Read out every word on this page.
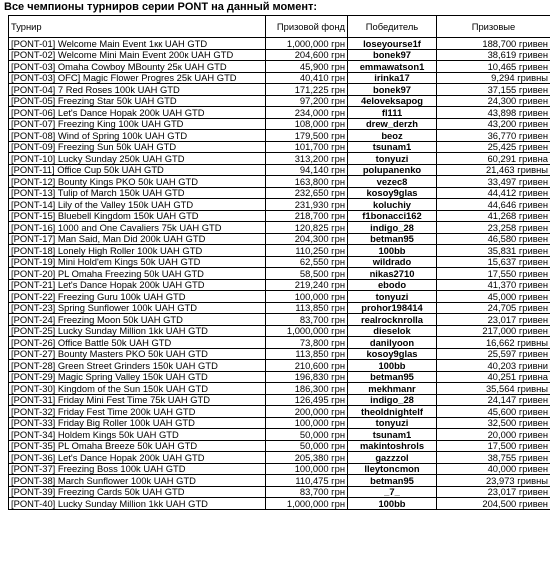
Все чемпионы турниров серии PONT на данный момент:
Турнир	Призовой фонд	Победитель	Призовые
[PONT-01] Welcome Main Event 1кк UAH GTD	1,000,000 грн	loseyourse1f	188,700 гривен
[PONT-02] Welcome Mini Main Event 200к UAH GTD	204,600 грн	bonek97	38,619 гривен
[PONT-03] Omaha Cowboy MBounty 25к UAH GTD	45,900 грн	emmawatson1	10,465 гривен
[PONT-03] OFC] Magic Flower Progres 25k UAH GTD	40,410 грн	irinka17	9,294 гривны
[PONT-04] 7 Red Roses 100k UAH GTD	171,225 грн	bonek97	37,155 гривен
[PONT-05] Freezing Star 50k UAH GTD	97,200 грн	4eloveksapog	24,300 гривен
[PONT-06] Let's Dance Hopak 200k UAH GTD	234,000 грн	fl111	43,898 гривен
[PONT-07] Freezing King 100k UAH GTD	108,000 грн	drew_derzh	43,200 гривен
[PONT-08] Wind of Spring 100k UAH GTD	179,500 грн	beoz	36,770 гривен
[PONT-09] Freezing Sun 50k UAH GTD	101,700 грн	tsunam1	25,425 гривен
[PONT-10] Lucky Sunday 250k UAH GTD	313,200 грн	tonyuzi	60,291 гривна
[PONT-11] Office Cup 50k UAH GTD	94,140 грн	polupanenko	21,463 гривны
[PONT-12] Bounty Kings PKO 50k UAH GTD	163,800 грн	vezec8	33,497 гривен
[PONT-13] Tulip of March 150k UAH GTD	232,650 грн	kosoy9glas	44,412 гривен
[PONT-14] Lily of the Valley 150k UAH GTD	231,930 грн	koluchiy	44,646 гривен
[PONT-15] Bluebell Kingdom 150k UAH GTD	218,700 грн	f1bonacci162	41,268 гривен
[PONT-16] 1000 and One Cavaliers 75k UAH GTD	120,825 грн	indigo_28	23,258 гривен
[PONT-17] Man Said, Man Did 200k UAH GTD	204,300 грн	betman95	46,580 гривен
[PONT-18] Lonely High Roller 100k UAH GTD	110,250 грн	100bb	35,831 гривен
[PONT-19] Mini Hold'em Kings 50k UAH GTD	62,550 грн	wildrado	15,637 гривен
[PONT-20] PL Omaha Freezing 50k UAH GTD	58,500 грн	nikas2710	17,550 гривен
[PONT-21] Let's Dance Hopak 200k UAH GTD	219,240 грн	ebodo	41,370 гривен
[PONT-22] Freezing Guru 100k UAH GTD	100,000 грн	tonyuzi	45,000 гривен
[PONT-23] Spring Sunflower 100k UAH GTD	113,850 грн	prohor198414	24,705 гривен
[PONT-24] Freezing Moon 50k UAH GTD	83,700 грн	realrocknrolla	23,017 гривен
[PONT-25] Lucky Sunday Million 1kk UAH GTD	1,000,000 грн	dieselok	217,000 гривен
[PONT-26] Office Battle 50k UAH GTD	73,800 грн	danilyoon	16,662 гривны
[PONT-27] Bounty Masters PKO 50k UAH GTD	113,850 грн	kosoy9glas	25,597 гривен
[PONT-28] Green Street Grinders 150k UAH GTD	210,600 грн	100bb	40,203 гривни
[PONT-29] Magic Spring Valley 150k UAH GTD	196,830 грн	betman95	40,251 гривна
[PONT-30] Kingdom of the Sun 150k UAH GTD	186,300 грн	mekhmanr	35,564 гривны
[PONT-31] Friday Mini Fest Time 75k UAH GTD	126,495 грн	indigo_28	24,147 гривен
[PONT-32] Friday Fest Time 200k UAH GTD	200,000 грн	theoldnightelf	45,600 гривен
[PONT-33] Friday Big Roller 100k UAH GTD	100,000 грн	tonyuzi	32,500 гривен
[PONT-34] Holdem Kings 50k UAH GTD	50,000 грн	tsunam1	20,000 гривен
[PONT-35] PL Omaha Breeze 50k UAH GTD	50,000 грн	makintoshrols	17,500 гривен
[PONT-36] Let's Dance Hopak 200k UAH GTD	205,380 грн	gazzzol	38,755 гривен
[PONT-37] Freezing Boss 100k UAH GTD	100,000 грн	lleytoncmon	40,000 гривен
[PONT-38] March Sunflower 100k UAH GTD	110,475 грн	betman95	23,973 гривны
[PONT-39] Freezing Cards 50k UAH GTD	83,700 грн	_7_	23,017 гривен
[PONT-40] Lucky Sunday Million 1kk UAH GTD	1,000,000 грн	100bb	204,500 гривен
